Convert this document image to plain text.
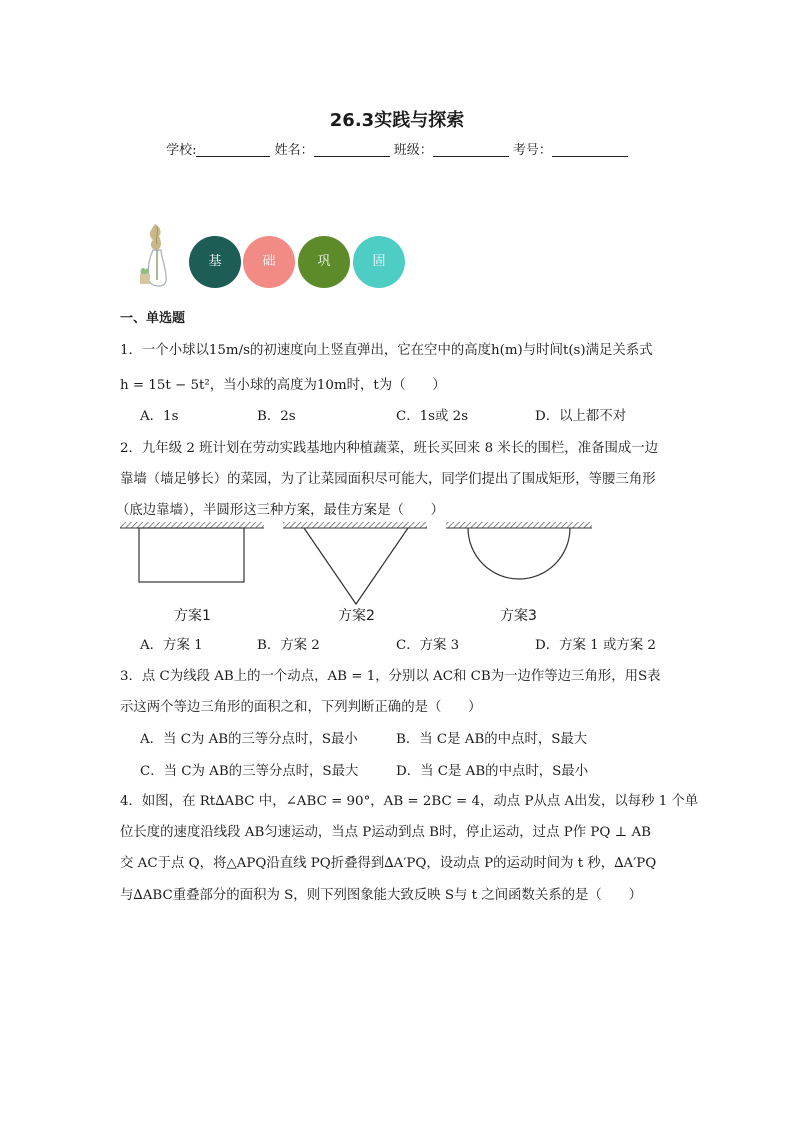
26.3实践与探索
学校:	姓名：	班级：	考号：
基	础	巩	固
一、单选题
1．一个小球以15m/s的初速度向上竖直弹出，它在空中的高度h(m)与时间t(s)满足关系式
h = 15t − 5t²，当小球的高度为10m时，t为（　　）
A．1s	B．2s	C．1s或 2s	D．以上都不对
2．九年级 2 班计划在劳动实践基地内种植蔬菜，班长买回来 8 米长的围栏，准备围成一边
靠墙（墙足够长）的菜园，为了让菜园面积尽可能大，同学们提出了围成矩形，等腰三角形
（底边靠墙），半圆形这三种方案，最佳方案是（　　）
方案1	方案2	方案3
A．方案 1	B．方案 2	C．方案 3	D．方案 1 或方案 2
3．点 C为线段 AB上的一个动点，AB = 1，分别以 AC和 CB为一边作等边三角形，用S表
示这两个等边三角形的面积之和，下列判断正确的是（　　）
A．当 C为 AB的三等分点时，S最小	B．当 C是 AB的中点时，S最大
C．当 C为 AB的三等分点时，S最大	D．当 C是 AB的中点时，S最小
4．如图，在 Rt∆ABC 中，∠ABC = 90°，AB = 2BC = 4，动点 P从点 A出发，以每秒 1 个单
位长度的速度沿线段 AB匀速运动，当点 P运动到点 B时，停止运动，过点 P作 PQ ⊥ AB
交 AC于点 Q，将△APQ沿直线 PQ折叠得到∆A′PQ，设动点 P的运动时间为 t 秒，∆A′PQ
与∆ABC重叠部分的面积为 S，则下列图象能大致反映 S与 t 之间函数关系的是（　　）
